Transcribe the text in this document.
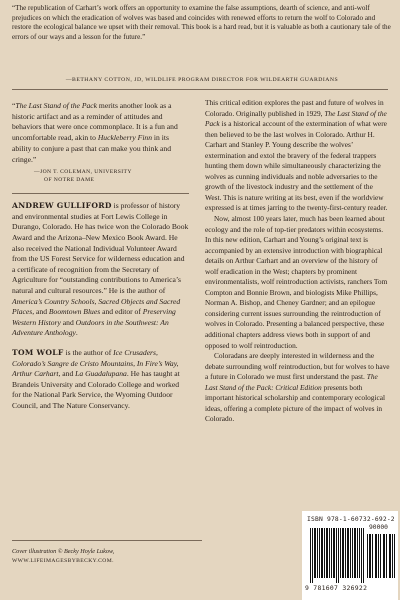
“The republication of Carhart’s work offers an opportunity to examine the false assumptions, dearth of science, and anti-wolf prejudices on which the eradication of wolves was based and coincides with renewed efforts to return the wolf to Colorado and restore the ecological balance we upset with their removal. This book is a hard read, but it is valuable as both a cautionary tale of the errors of our ways and a lesson for the future.”
—BETHANY COTTON, JD, WILDLIFE PROGRAM DIRECTOR FOR WILDEARTH GUARDIANS
“The Last Stand of the Pack merits another look as a historic artifact and as a reminder of attitudes and behaviors that were once commonplace. It is a fun and uncomfortable read, akin to Huckleberry Finn in its ability to conjure a past that can make you think and cringe.”
—JON T. COLEMAN, UNIVERSITY
OF NOTRE DAME
ANDREW GULLIFORD is professor of history and environmental studies at Fort Lewis College in Durango, Colorado. He has twice won the Colorado Book Award and the Arizona–New Mexico Book Award. He also received the National Individual Volunteer Award from the US Forest Service for wilderness education and a certificate of recognition from the Secretary of Agriculture for “outstanding contributions to America’s natural and cultural resources.” He is the author of America’s Country Schools, Sacred Objects and Sacred Places, and Boomtown Blues and editor of Preserving Western History and Outdoors in the Southwest: An Adventure Anthology.
TOM WOLF is the author of Ice Crusaders, Colorado’s Sangre de Cristo Mountains, In Fire’s Way, Arthur Carhart, and La Guadalupana. He has taught at Brandeis University and Colorado College and worked for the National Park Service, the Wyoming Outdoor Council, and The Nature Conservancy.

This critical edition explores the past and future of wolves in Colorado. Originally published in 1929, The Last Stand of the Pack is a historical account of the extermination of what were then believed to be the last wolves in Colorado. Arthur H. Carhart and Stanley P. Young describe the wolves’ extermination and extol the bravery of the federal trappers hunting them down while simultaneously characterizing the wolves as cunning individuals and noble adversaries to the growth of the livestock industry and the settlement of the West. This is nature writing at its best, even if the worldview expressed is at times jarring to the twenty-first-century reader.

Now, almost 100 years later, much has been learned about ecology and the role of top-tier predators within ecosystems. In this new edition, Carhart and Young’s original text is accompanied by an extensive introduction with biographical details on Arthur Carhart and an overview of the history of wolf eradication in the West; chapters by prominent environmentalists, wolf reintroduction activists, ranchers Tom Compton and Bonnie Brown, and biologists Mike Phillips, Norman A. Bishop, and Cheney Gardner; and an epilogue considering current issues surrounding the reintroduction of wolves in Colorado. Presenting a balanced perspective, these additional chapters address views both in support of and opposed to wolf reintroduction.

Coloradans are deeply interested in wilderness and the debate surrounding wolf reintroduction, but for wolves to have a future in Colorado we must first understand the past. The Last Stand of the Pack: Critical Edition presents both important historical scholarship and contemporary ecological ideas, offering a complete picture of the impact of wolves in Colorado.

Cover illustration © Becky Hoyle Lukow,
WWW.LIFEIMAGESBYBECKY.COM.
ISBN 978-1-60732-692-2
90000
9 781607 326922
